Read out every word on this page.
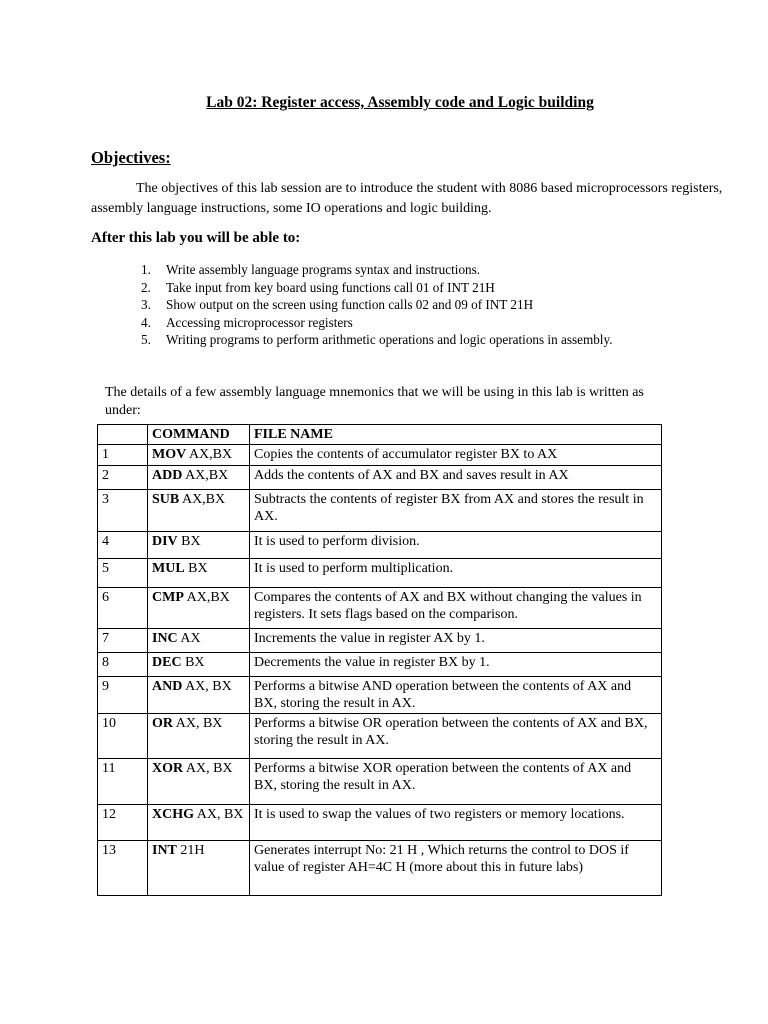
Lab 02: Register access, Assembly code and Logic building
Objectives:
The objectives of this lab session are to introduce the student with 8086 based microprocessors registers, assembly language instructions, some IO operations and logic building.
After this lab you will be able to:
1.	Write assembly language programs syntax and instructions.
2.	Take input from key board using functions call 01 of INT 21H
3.	Show output on the screen using function calls 02 and 09 of INT 21H
4.	Accessing microprocessor registers
5.	Writing programs to perform arithmetic operations and logic operations in assembly.
The details of a few assembly language mnemonics that we will be using in this lab is written as under:
	COMMAND	FILE NAME
1	MOV AX,BX	Copies the contents of accumulator register BX to AX
2	ADD AX,BX	Adds the contents of AX and BX and saves result in AX
3	SUB AX,BX	Subtracts the contents of register BX from AX and stores the result in AX.
4	DIV BX	It is used to perform division.
5	MUL BX	It is used to perform multiplication.
6	CMP AX,BX	Compares the contents of AX and BX without changing the values in registers. It sets flags based on the comparison.
7	INC AX	Increments the value in register AX by 1.
8	DEC BX	Decrements the value in register BX by 1.
9	AND AX, BX	Performs a bitwise AND operation between the contents of AX and BX, storing the result in AX.
10	OR AX, BX	Performs a bitwise OR operation between the contents of AX and BX, storing the result in AX.
11	XOR AX, BX	Performs a bitwise XOR operation between the contents of AX and BX, storing the result in AX.
12	XCHG AX, BX	It is used to swap the values of two registers or memory locations.
13	INT 21H	Generates interrupt No: 21 H , Which returns the control to DOS if value of register AH=4C H (more about this in future labs)
